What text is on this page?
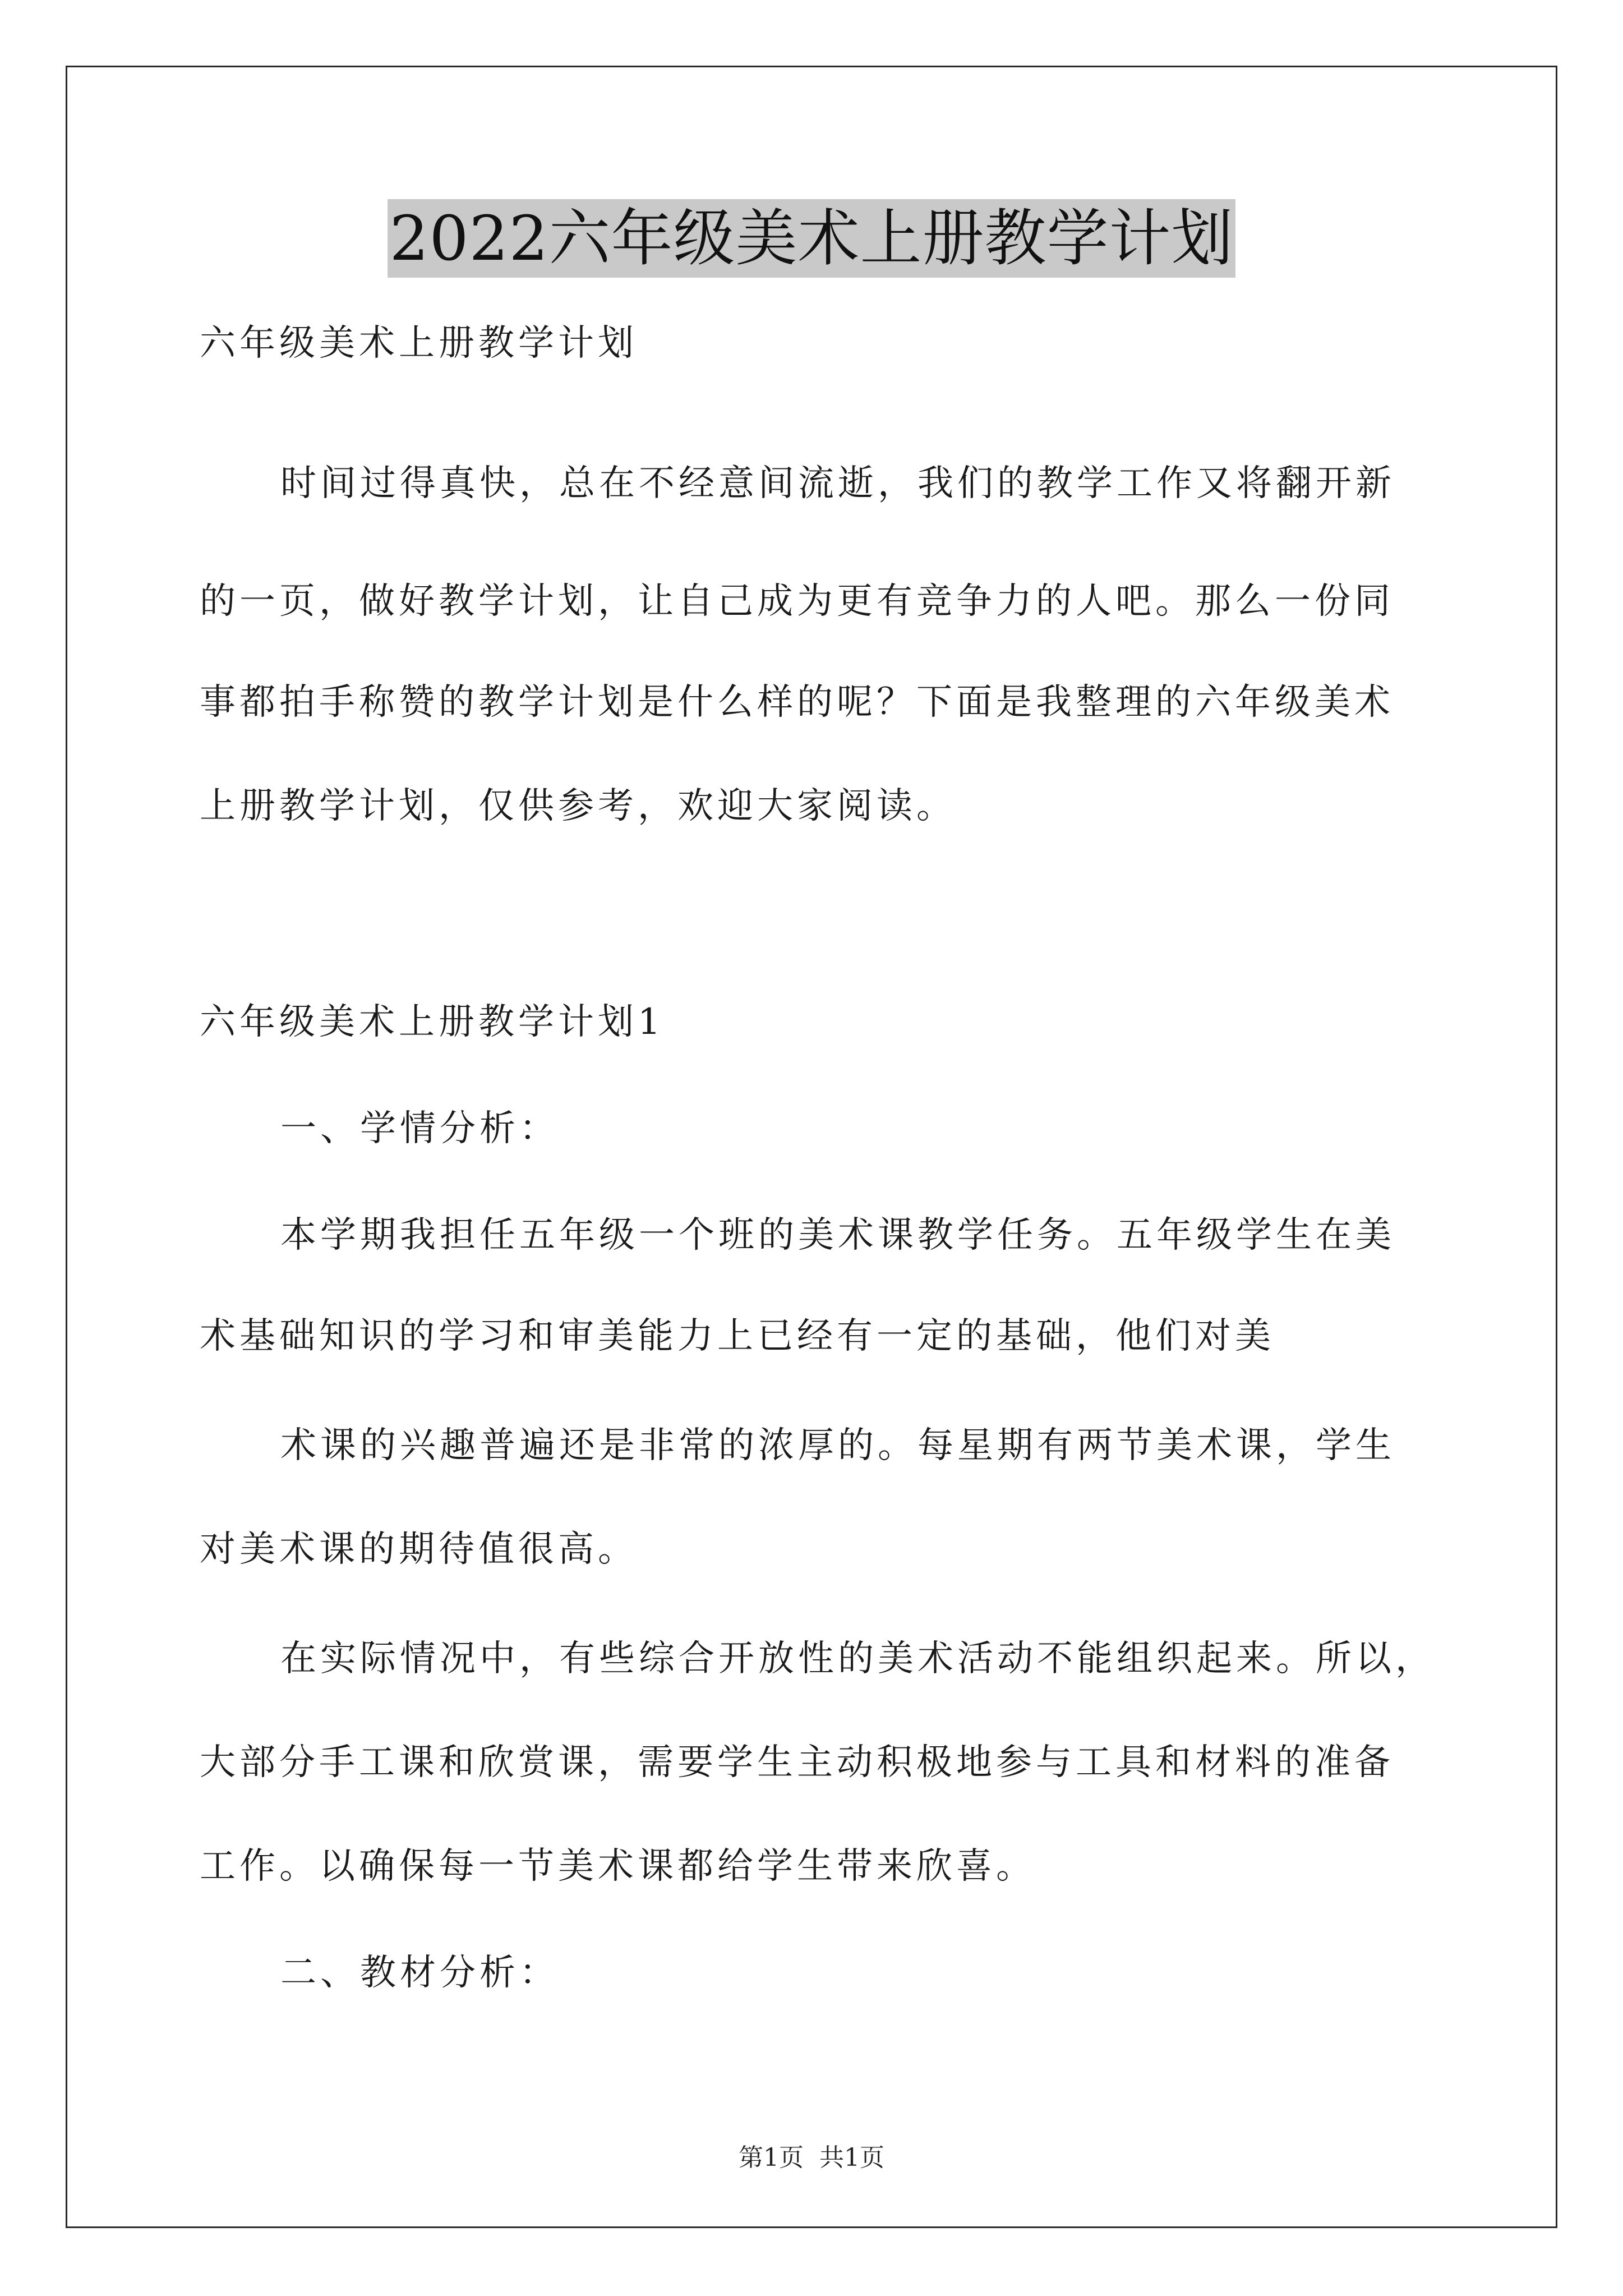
2022六年级美术上册教学计划

六年级美术上册教学计划

时间过得真快，总在不经意间流逝，我们的教学工作又将翻开新

的一页，做好教学计划，让自己成为更有竞争力的人吧。那么一份同

事都拍手称赞的教学计划是什么样的呢？下面是我整理的六年级美术

上册教学计划，仅供参考，欢迎大家阅读。

六年级美术上册教学计划1

一、学情分析：

本学期我担任五年级一个班的美术课教学任务。五年级学生在美

术基础知识的学习和审美能力上已经有一定的基础，他们对美

术课的兴趣普遍还是非常的浓厚的。每星期有两节美术课，学生

对美术课的期待值很高。

在实际情况中，有些综合开放性的美术活动不能组织起来。所以，

大部分手工课和欣赏课，需要学生主动积极地参与工具和材料的准备

工作。以确保每一节美术课都给学生带来欣喜。

二、教材分析：

第1页 共1页
